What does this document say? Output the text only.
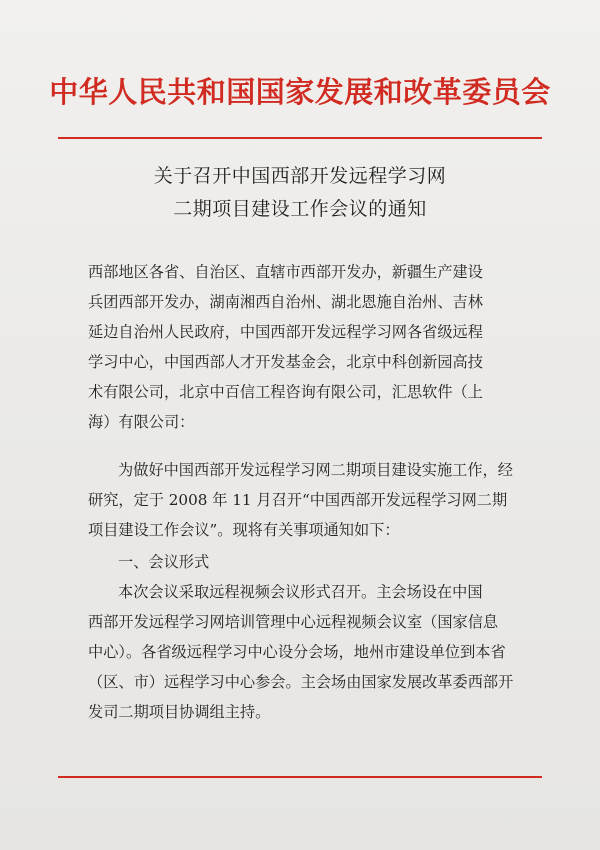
中华人民共和国国家发展和改革委员会
关于召开中国西部开发远程学习网
二期项目建设工作会议的通知
西部地区各省、自治区、直辖市西部开发办，新疆生产建设
兵团西部开发办，湖南湘西自治州、湖北恩施自治州、吉林
延边自治州人民政府，中国西部开发远程学习网各省级远程
学习中心，中国西部人才开发基金会，北京中科创新园高技
术有限公司，北京中百信工程咨询有限公司，汇思软件（上
海）有限公司：
为做好中国西部开发远程学习网二期项目建设实施工作，经
研究，定于 2008 年 11 月召开“中国西部开发远程学习网二期
项目建设工作会议”。现将有关事项通知如下：
一、会议形式
本次会议采取远程视频会议形式召开。主会场设在中国
西部开发远程学习网培训管理中心远程视频会议室（国家信息
中心）。各省级远程学习中心设分会场，地州市建设单位到本省
（区、市）远程学习中心参会。主会场由国家发展改革委西部开
发司二期项目协调组主持。
